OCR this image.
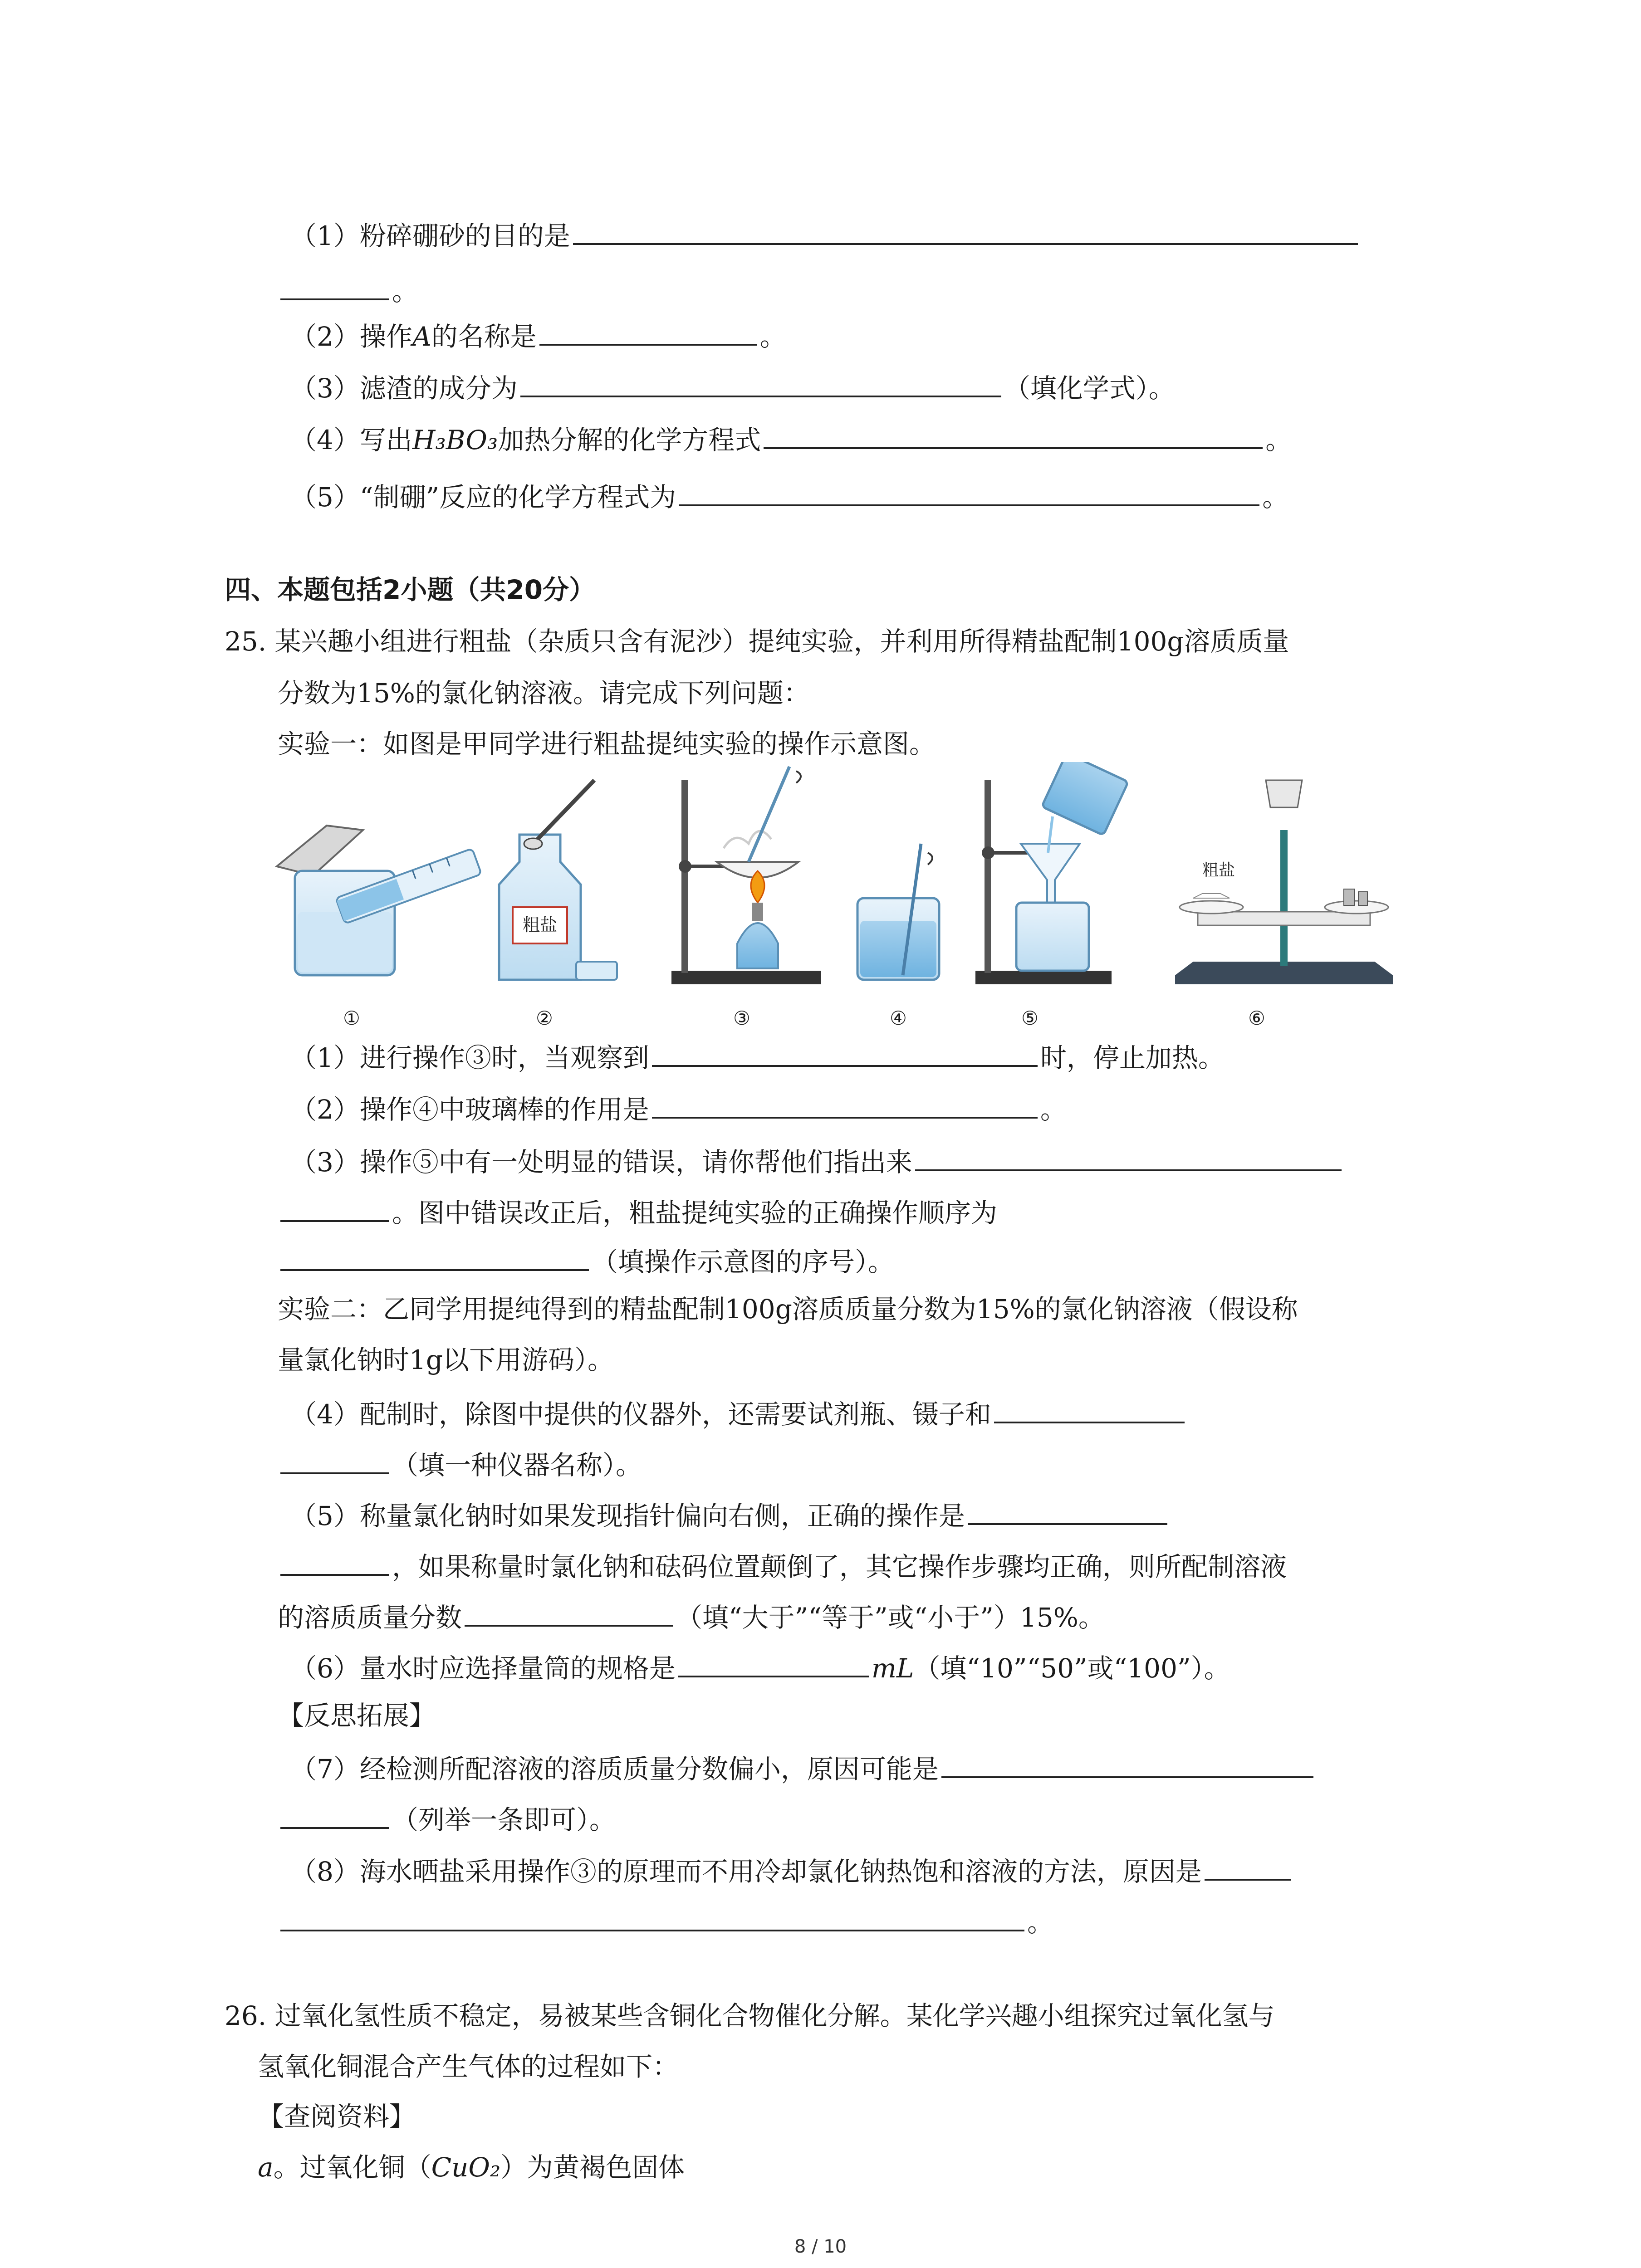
（1）粉碎硼砂的目的是
。
（2）操作A的名称是	。
（3）滤渣的成分为	（填化学式）。
（4）写出H₃BO₃加热分解的化学方程式	。
（5）“制硼”反应的化学方程式为	。
四、本题包括2小题（共20分）
25. 某兴趣小组进行粗盐（杂质只含有泥沙）提纯实验，并利用所得精盐配制100g溶质质量
分数为15%的氯化钠溶液。请完成下列问题：
实验一：如图是甲同学进行粗盐提纯实验的操作示意图。
粗盐
粗盐
①	②	③	④	⑤	⑥
（1）进行操作③时，当观察到	时，停止加热。
（2）操作④中玻璃棒的作用是	。
（3）操作⑤中有一处明显的错误，请你帮他们指出来
。图中错误改正后，粗盐提纯实验的正确操作顺序为
（填操作示意图的序号）。
实验二：乙同学用提纯得到的精盐配制100g溶质质量分数为15%的氯化钠溶液（假设称
量氯化钠时1g以下用游码）。
（4）配制时，除图中提供的仪器外，还需要试剂瓶、镊子和
（填一种仪器名称）。
（5）称量氯化钠时如果发现指针偏向右侧，正确的操作是
，如果称量时氯化钠和砝码位置颠倒了，其它操作步骤均正确，则所配制溶液
的溶质质量分数	（填“大于”“等于”或“小于”）15%。
（6）量水时应选择量筒的规格是	mL（填“10”“50”或“100”）。
【反思拓展】
（7）经检测所配溶液的溶质质量分数偏小，原因可能是
（列举一条即可）。
（8）海水晒盐采用操作③的原理而不用冷却氯化钠热饱和溶液的方法，原因是
。
26. 过氧化氢性质不稳定，易被某些含铜化合物催化分解。某化学兴趣小组探究过氧化氢与
氢氧化铜混合产生气体的过程如下：
【查阅资料】
a。过氧化铜（CuO₂）为黄褐色固体
8 / 10
